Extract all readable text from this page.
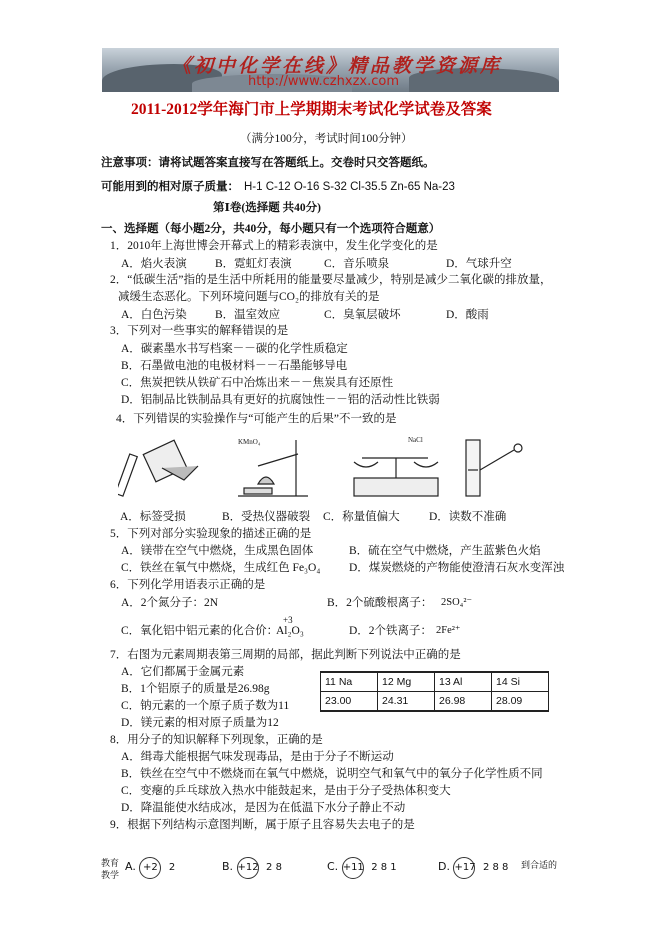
《初中化学在线》精品教学资源库
http://www.czhxzx.com
2011-2012学年海门市上学期期末考试化学试卷及答案
（满分100分，考试时间100分钟）
注意事项：请将试题答案直接写在答题纸上。交卷时只交答题纸。
可能用到的相对原子质量： H-1 C-12 O-16 S-32 Cl-35.5 Zn-65 Na-23
第Ⅰ卷(选择题 共40分)
一、选择题（每小题2分，共40分，每小题只有一个选项符合题意）
1．2010年上海世博会开幕式上的精彩表演中，发生化学变化的是
A．焰火表演 B．霓虹灯表演	C．音乐喷泉	D．气球升空
2．“低碳生活”指的是生活中所耗用的能量要尽量减少，特别是减少二氧化碳的排放量，
减缓生态恶化。下列环境问题与CO₂的排放有关的是
A．白色污染 B．温室效应	C．臭氧层破坏	D．酸雨
3．下列对一些事实的解释错误的是
A．碳素墨水书写档案－－碳的化学性质稳定
B．石墨做电池的电极材料－－石墨能够导电
C．焦炭把铁从铁矿石中冶炼出来－－焦炭具有还原性
D．铝制品比铁制品具有更好的抗腐蚀性－－铝的活动性比铁弱
4．下列错误的实验操作与“可能产生的后果”不一致的是
KMnO₄	NaCl
A．标签受损	B．受热仪器破裂 C．称量值偏大	D．读数不准确
5．下列对部分实验现象的描述正确的是
A．镁带在空气中燃烧，生成黑色固体	B．硫在空气中燃烧，产生蓝紫色火焰
C．铁丝在氧气中燃烧，生成红色 Fe₃O₄ D．煤炭燃烧的产物能使澄清石灰水变浑浊
6．下列化学用语表示正确的是
A．2个氮分子：2N	B．2个硫酸根离子： 2SO₄²⁻
C．氧化铝中铝元素的化合价：
+3
Al₂O₃	D．2个铁离子： 2Fe²⁺
7．右图为元素周期表第三周期的局部，据此判断下列说法中正确的是
A．它们都属于金属元素
B．1个铝原子的质量是26.98g
C．钠元素的一个原子质子数为11
D．镁元素的相对原子质量为12
11 Na	12 Mg	13 Al	14 Si
23.00	24.31	26.98	28.09
8．用分子的知识解释下列现象，正确的是
A．缉毒犬能根据气味发现毒品，是由于分子不断运动
B．铁丝在空气中不燃烧而在氧气中燃烧，说明空气和氧气中的氧分子化学性质不同
C．变瘪的乒乓球放入热水中能鼓起来，是由于分子受热体积变大
D．降温能使水结成冰，是因为在低温下水分子静止不动
9．根据下列结构示意图判断，属于原子且容易失去电子的是
教育
教学
A. +2 2	B. +12 2 8	C. +11 2 8 1	D. +17 2 8 8 到合适的
